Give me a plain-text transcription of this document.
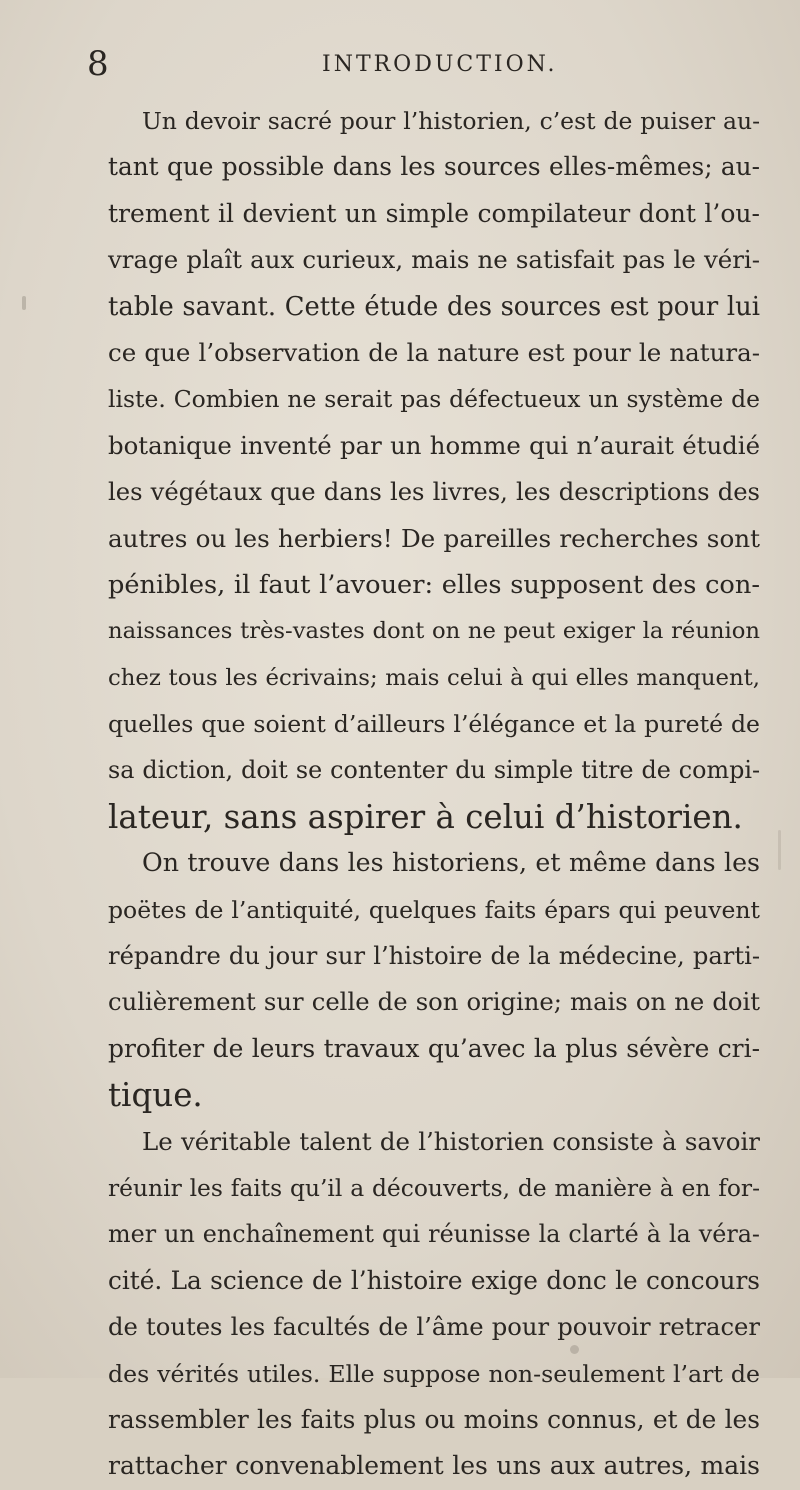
8	INTRODUCTION.
Un devoir sacré pour l’historien, c’est de puiser au-
tant que possible dans les sources elles-mêmes; au-
trement il devient un simple compilateur dont l’ou-
vrage plaît aux curieux, mais ne satisfait pas le véri-
table savant. Cette étude des sources est pour lui
ce que l’observation de la nature est pour le natura-
liste. Combien ne serait pas défectueux un système de
botanique inventé par un homme qui n’aurait étudié
les végétaux que dans les livres, les descriptions des
autres ou les herbiers! De pareilles recherches sont
pénibles, il faut l’avouer: elles supposent des con-
naissances très-vastes dont on ne peut exiger la réunion
chez tous les écrivains; mais celui à qui elles manquent,
quelles que soient d’ailleurs l’élégance et la pureté de
sa diction, doit se contenter du simple titre de compi-
lateur, sans aspirer à celui d’historien.
On trouve dans les historiens, et même dans les
poëtes de l’antiquité, quelques faits épars qui peuvent
répandre du jour sur l’histoire de la médecine, parti-
culièrement sur celle de son origine; mais on ne doit
profiter de leurs travaux qu’avec la plus sévère cri-
tique.
Le véritable talent de l’historien consiste à savoir
réunir les faits qu’il a découverts, de manière à en for-
mer un enchaînement qui réunisse la clarté à la véra-
cité. La science de l’histoire exige donc le concours
de toutes les facultés de l’âme pour pouvoir retracer
des vérités utiles. Elle suppose non-seulement l’art de
rassembler les faits plus ou moins connus, et de les
rattacher convenablement les uns aux autres, mais
